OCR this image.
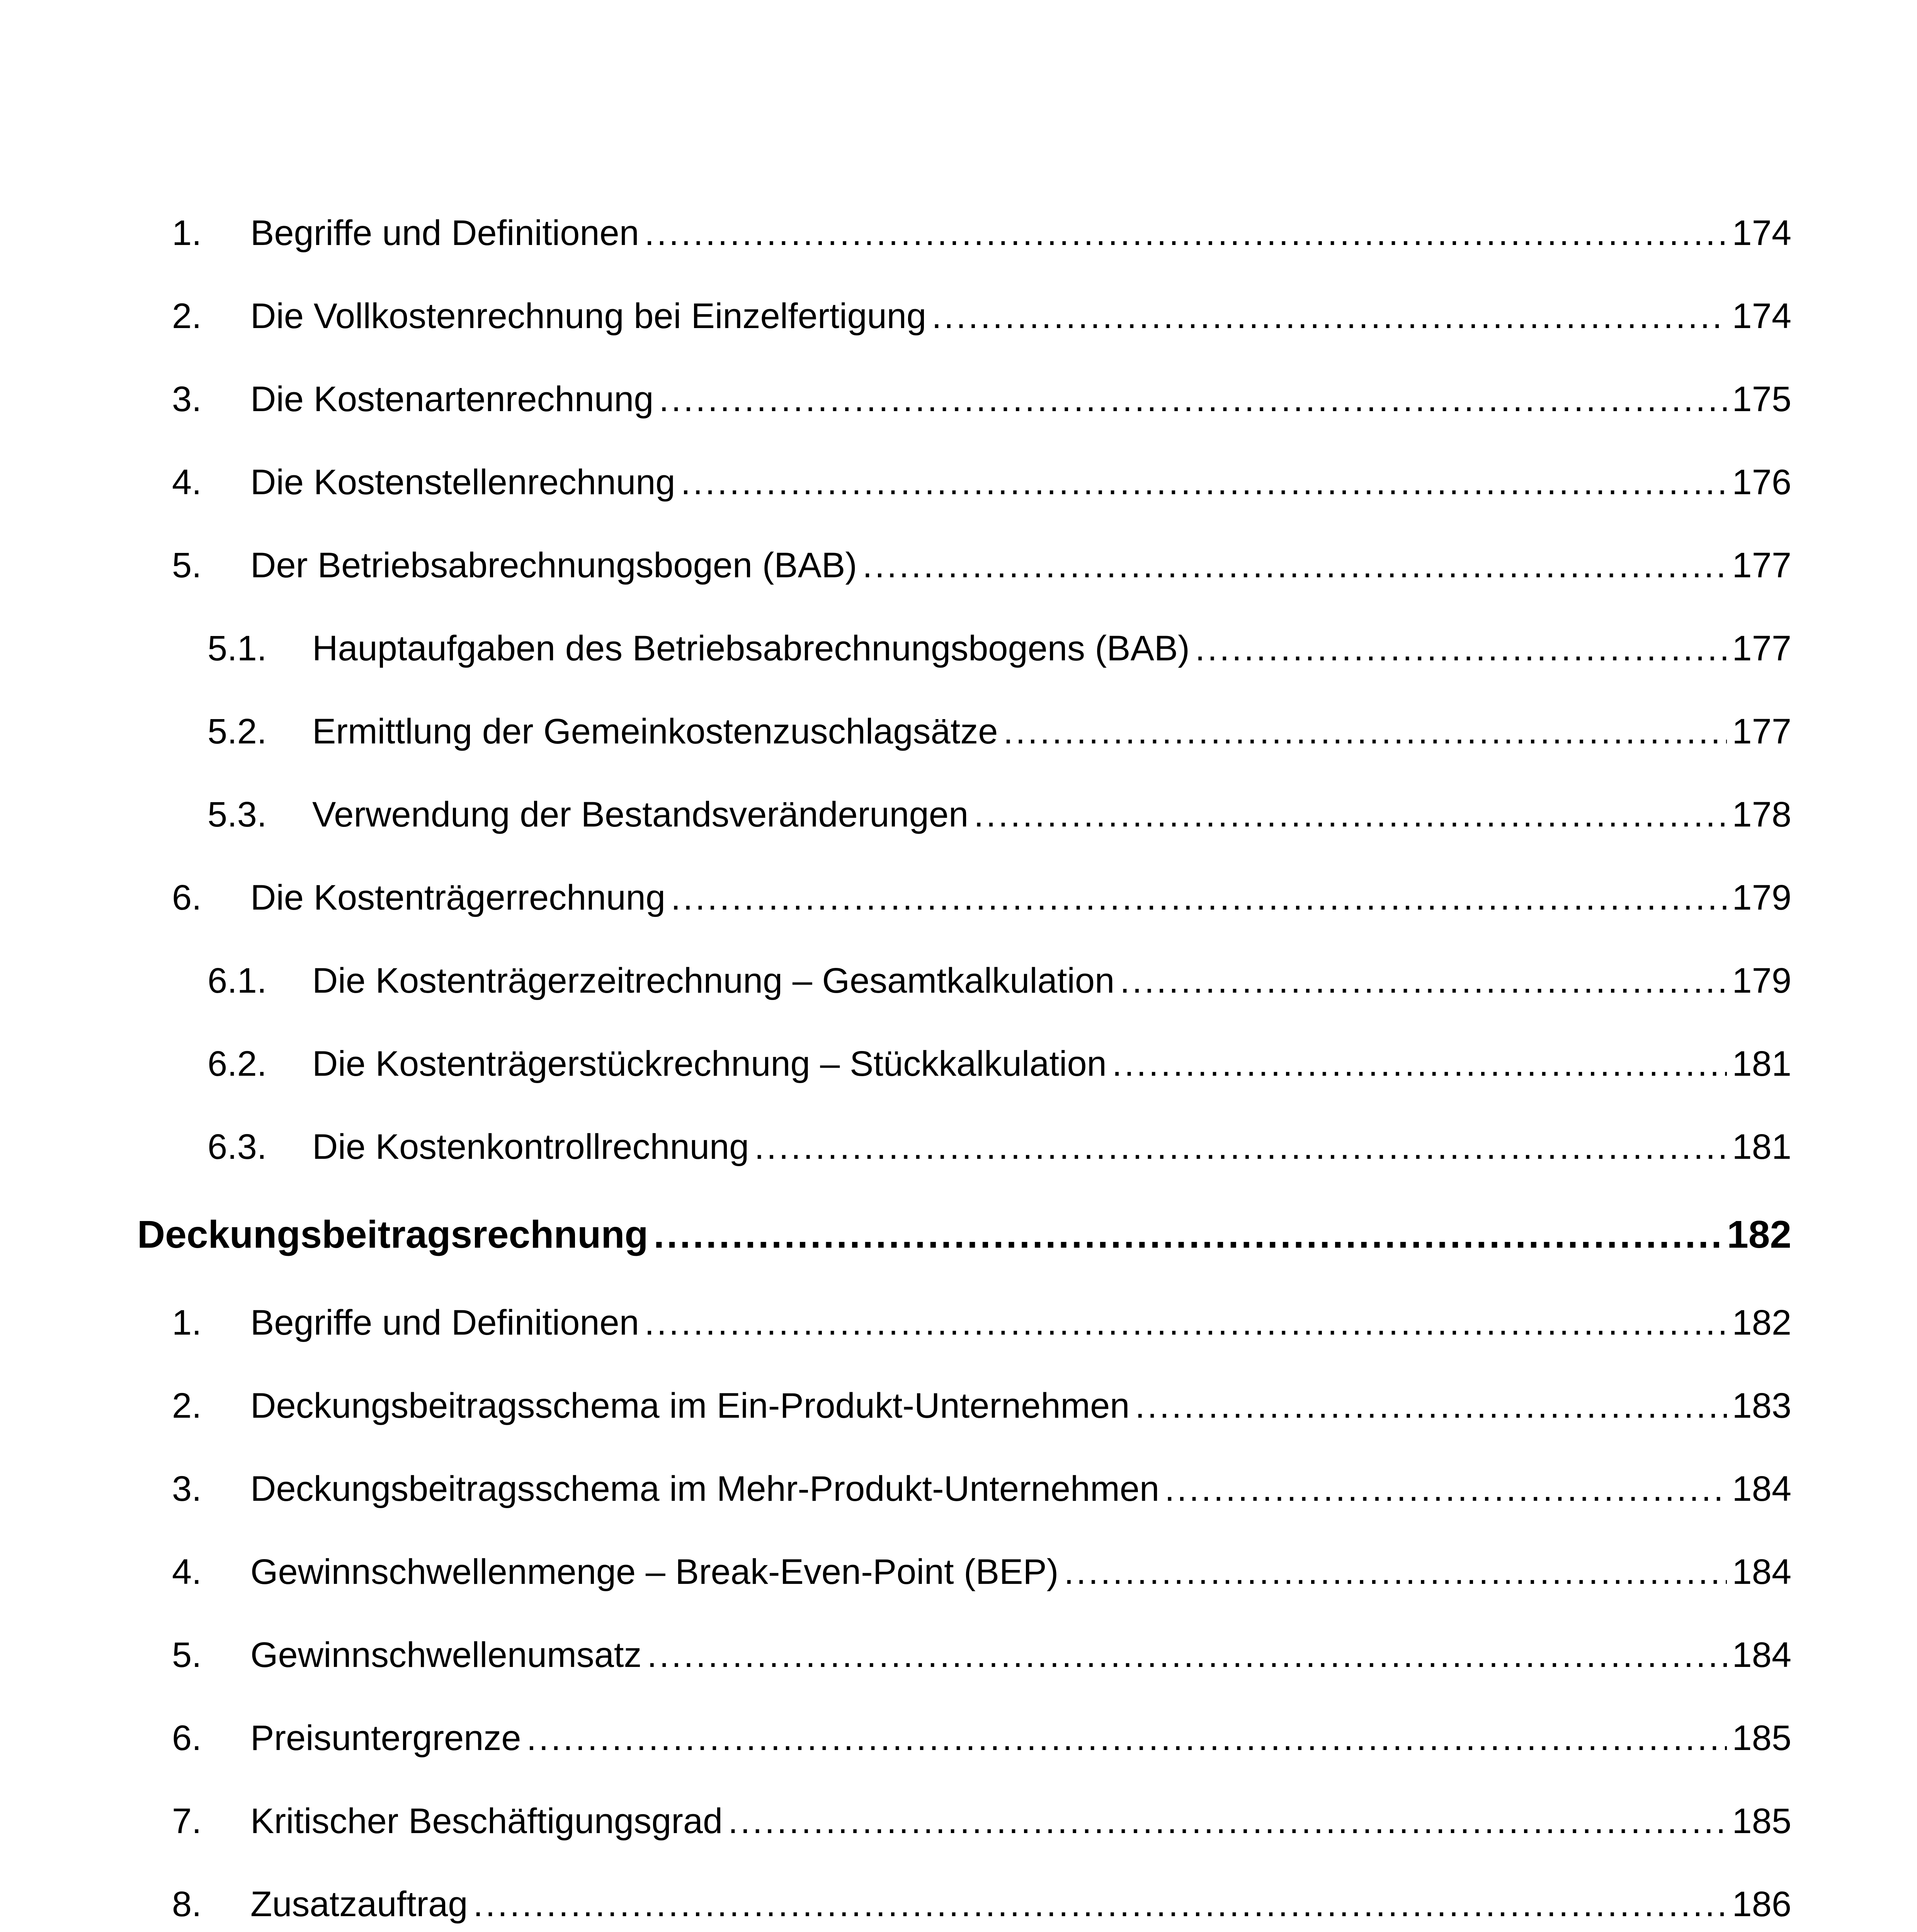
1. Begriffe und Definitionen .....	174
2. Die Vollkostenrechnung bei Einzelfertigung .....	174
3. Die Kostenartenrechnung .....	175
4. Die Kostenstellenrechnung .....	176
5. Der Betriebsabrechnungsbogen (BAB) .....	177
5.1. Hauptaufgaben des Betriebsabrechnungsbogens (BAB) .....	177
5.2. Ermittlung der Gemeinkostenzuschlagsätze .....	177
5.3. Verwendung der Bestandsveränderungen .....	178
6. Die Kostenträgerrechnung .....	179
6.1. Die Kostenträgerzeitrechnung – Gesamtkalkulation .....	179
6.2. Die Kostenträgerstückrechnung – Stückkalkulation .....	181
6.3. Die Kostenkontrollrechnung .....	181
Deckungsbeitragsrechnung .....	182
1. Begriffe und Definitionen .....	182
2. Deckungsbeitragsschema im Ein-Produkt-Unternehmen .....	183
3. Deckungsbeitragsschema im Mehr-Produkt-Unternehmen .....	184
4. Gewinnschwellenmenge – Break-Even-Point (BEP) .....	184
5. Gewinnschwellenumsatz .....	184
6. Preisuntergrenze .....	185
7. Kritischer Beschäftigungsgrad .....	185
8. Zusatzauftrag .....	186
